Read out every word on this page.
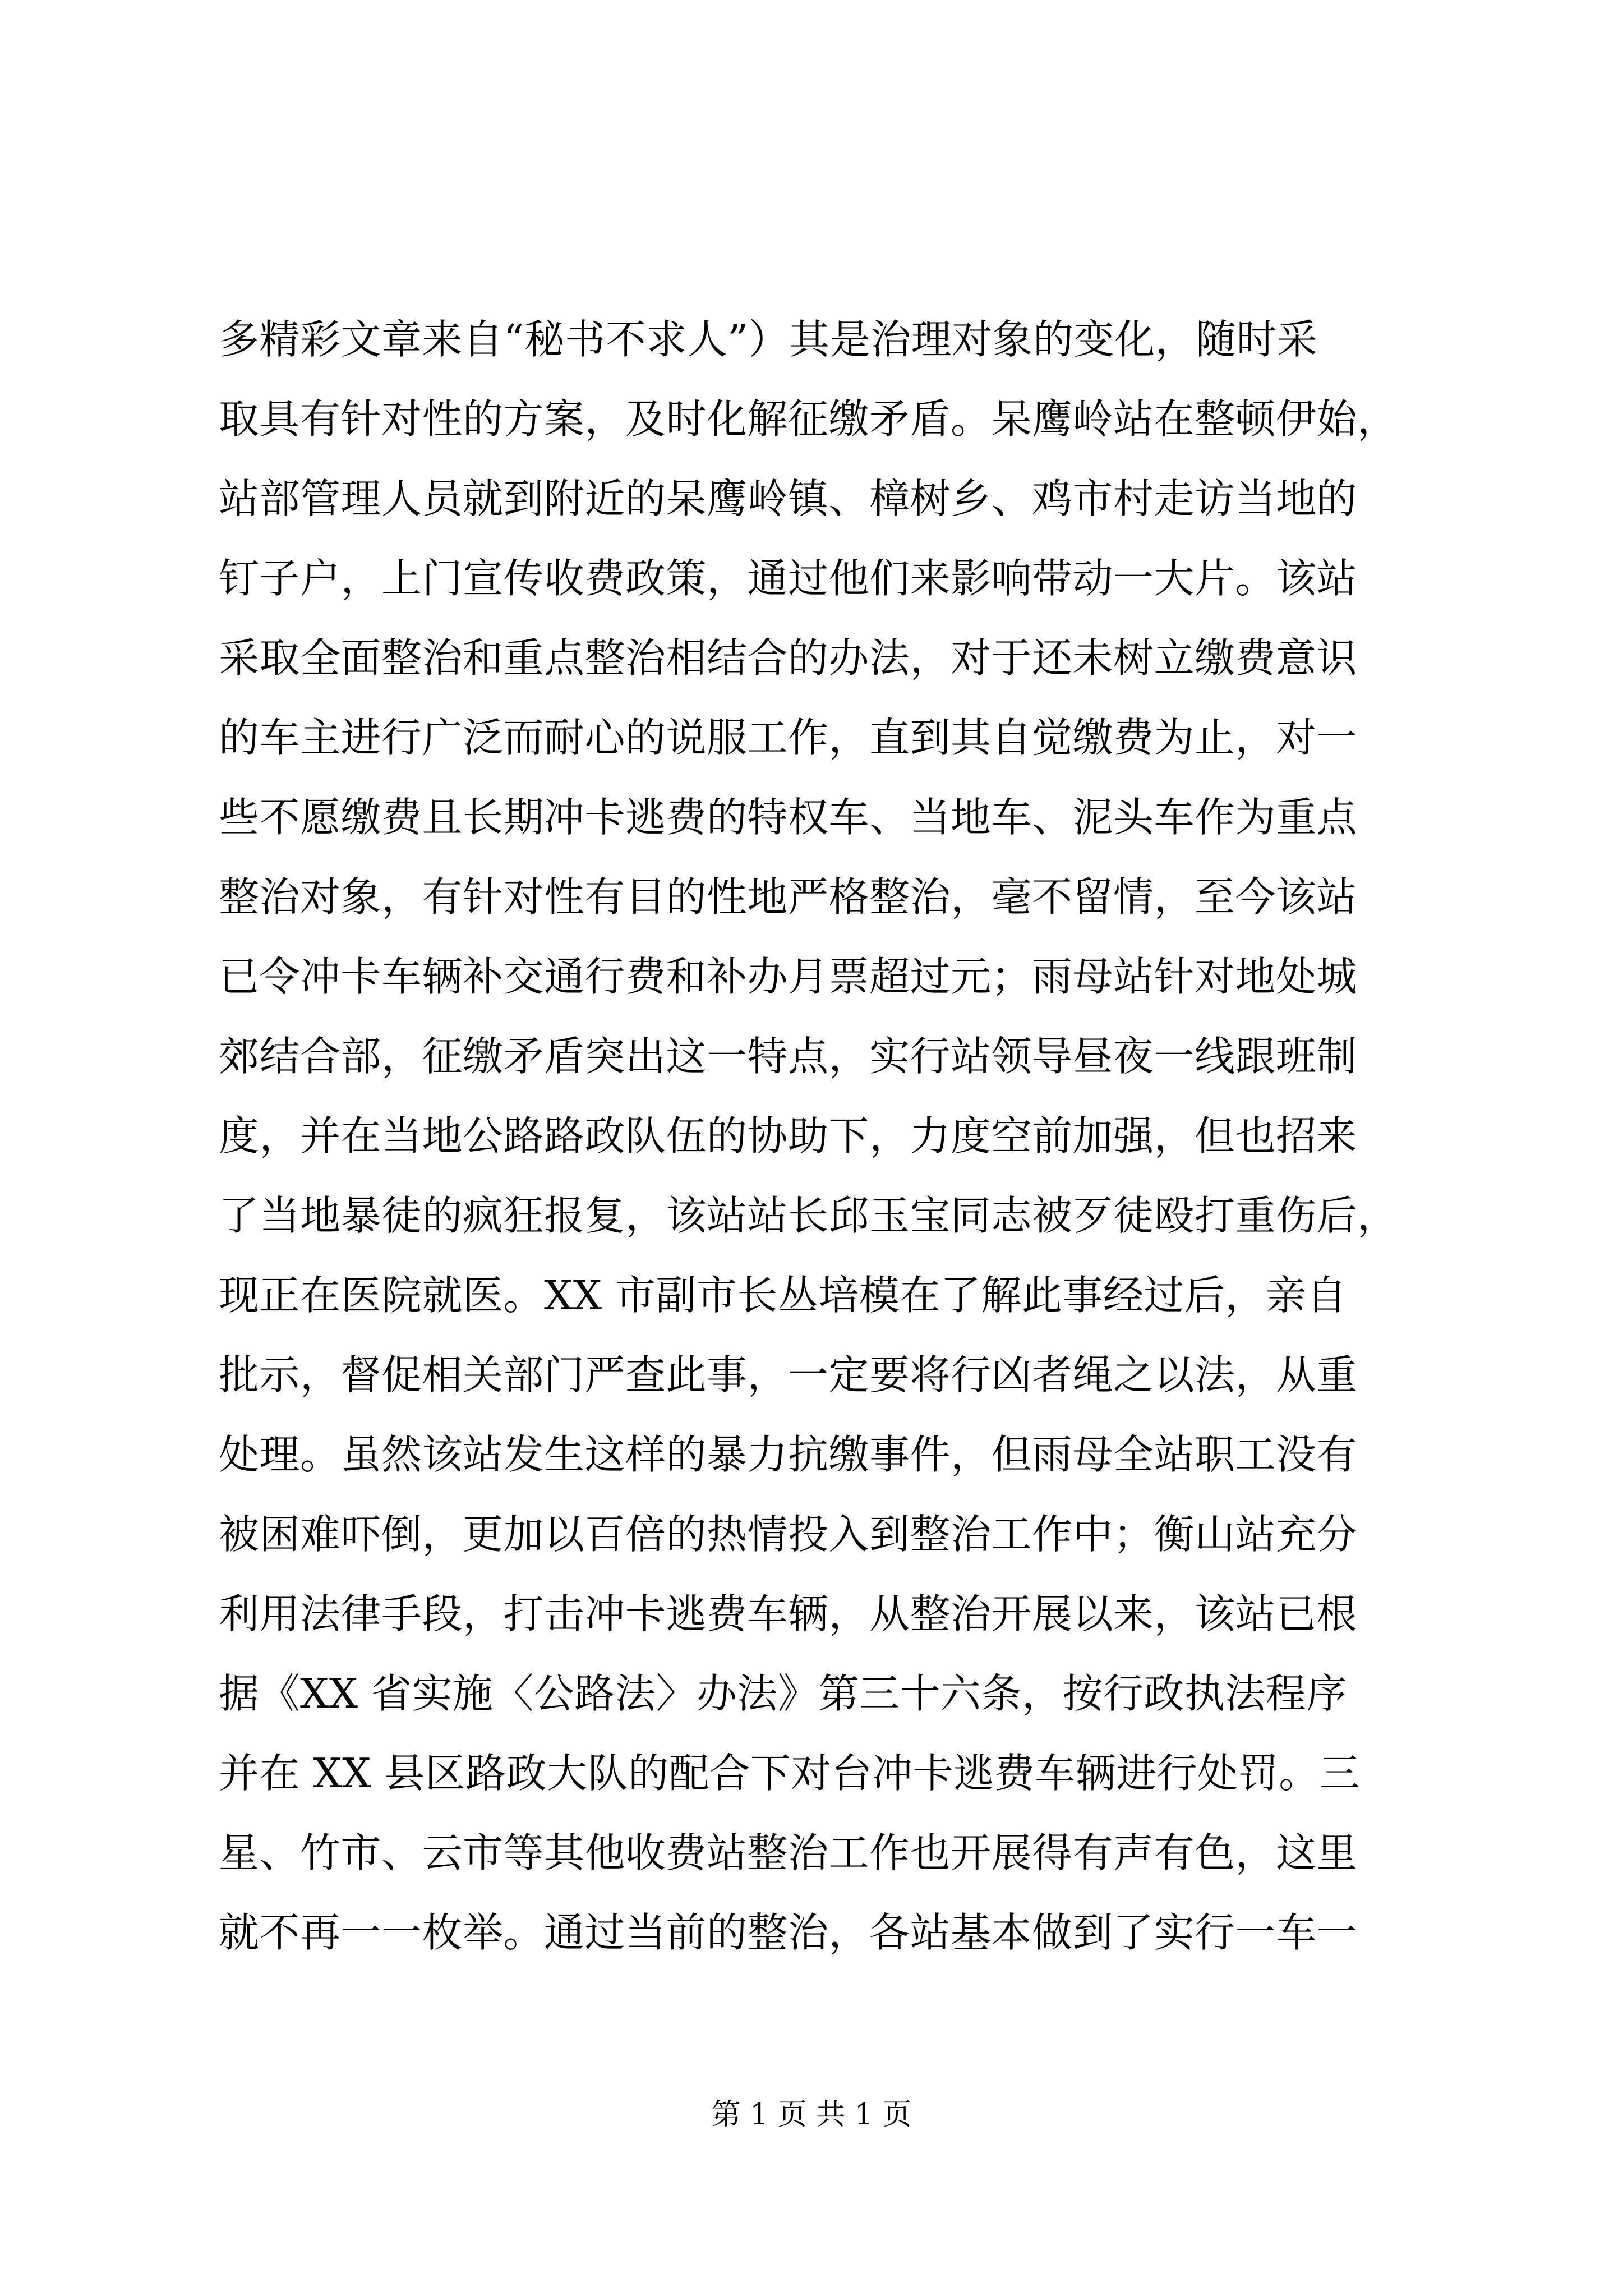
多精彩文章来自“秘书不求人”）其是治理对象的变化，随时采
取具有针对性的方案，及时化解征缴矛盾。呆鹰岭站在整顿伊始，
站部管理人员就到附近的呆鹰岭镇、樟树乡、鸡市村走访当地的
钉子户，上门宣传收费政策，通过他们来影响带动一大片。该站
采取全面整治和重点整治相结合的办法，对于还未树立缴费意识
的车主进行广泛而耐心的说服工作，直到其自觉缴费为止，对一
些不愿缴费且长期冲卡逃费的特权车、当地车、泥头车作为重点
整治对象，有针对性有目的性地严格整治，毫不留情，至今该站
已令冲卡车辆补交通行费和补办月票超过元；雨母站针对地处城
郊结合部，征缴矛盾突出这一特点，实行站领导昼夜一线跟班制
度，并在当地公路路政队伍的协助下，力度空前加强，但也招来
了当地暴徒的疯狂报复，该站站长邱玉宝同志被歹徒殴打重伤后，
现正在医院就医。XX 市副市长丛培模在了解此事经过后，亲自
批示，督促相关部门严查此事，一定要将行凶者绳之以法，从重
处理。虽然该站发生这样的暴力抗缴事件，但雨母全站职工没有
被困难吓倒，更加以百倍的热情投入到整治工作中；衡山站充分
利用法律手段，打击冲卡逃费车辆，从整治开展以来，该站已根
据《XX 省实施〈公路法〉办法》第三十六条，按行政执法程序
并在 XX 县区路政大队的配合下对台冲卡逃费车辆进行处罚。三
星、竹市、云市等其他收费站整治工作也开展得有声有色，这里
就不再一一枚举。通过当前的整治，各站基本做到了实行一车一
第 1 页 共 1 页
